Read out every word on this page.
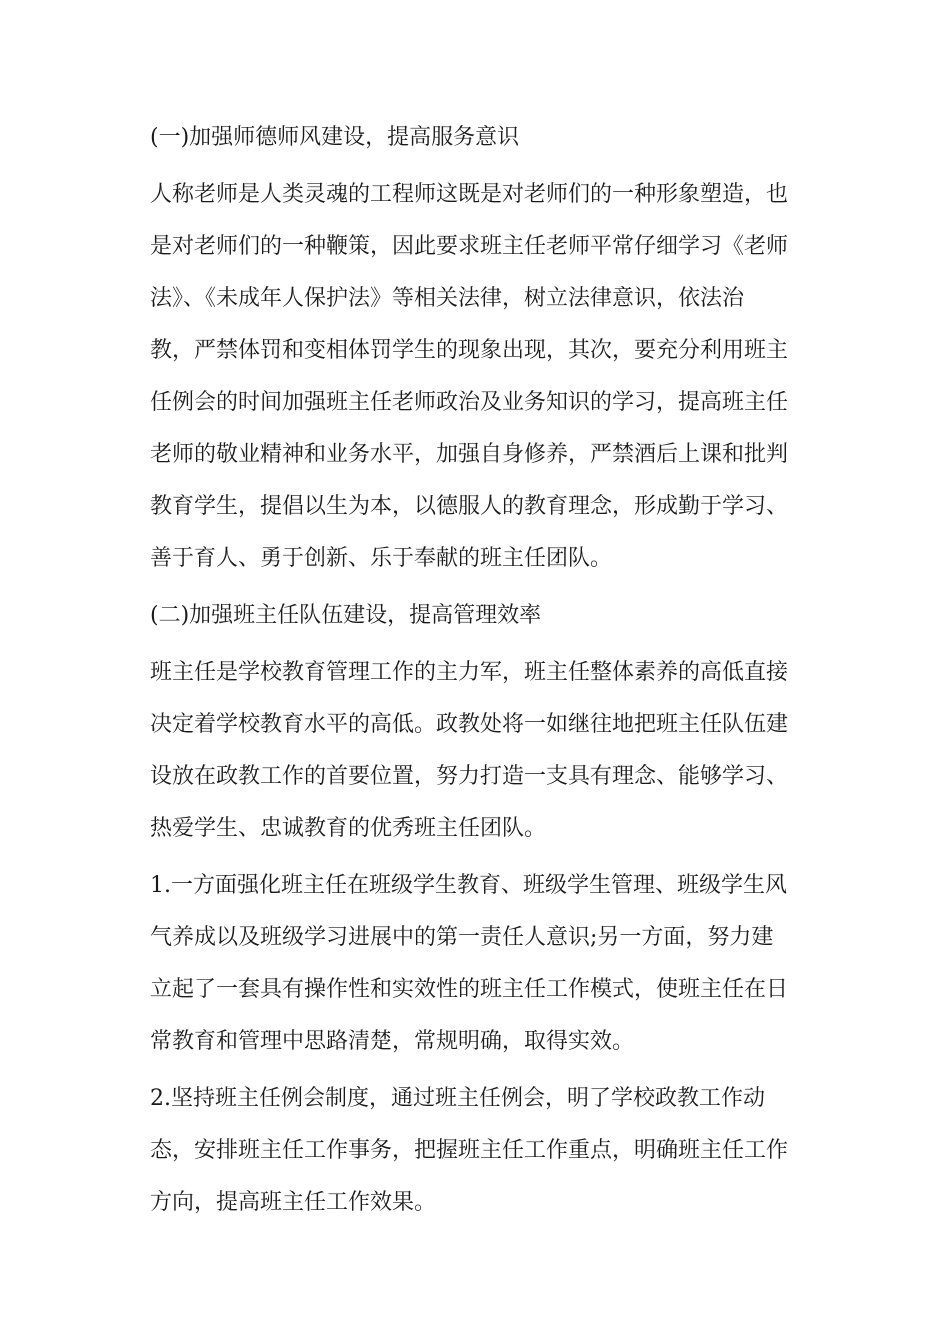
(一)加强师德师风建设，提高服务意识
人称老师是人类灵魂的工程师这既是对老师们的一种形象塑造，也
是对老师们的一种鞭策，因此要求班主任老师平常仔细学习《老师
法》、《未成年人保护法》等相关法律，树立法律意识，依法治
教，严禁体罚和变相体罚学生的现象出现，其次，要充分利用班主
任例会的时间加强班主任老师政治及业务知识的学习，提高班主任
老师的敬业精神和业务水平，加强自身修养，严禁酒后上课和批判
教育学生，提倡以生为本，以德服人的教育理念，形成勤于学习、
善于育人、勇于创新、乐于奉献的班主任团队。
(二)加强班主任队伍建设，提高管理效率
班主任是学校教育管理工作的主力军，班主任整体素养的高低直接
决定着学校教育水平的高低。政教处将一如继往地把班主任队伍建
设放在政教工作的首要位置，努力打造一支具有理念、能够学习、
热爱学生、忠诚教育的优秀班主任团队。
1.一方面强化班主任在班级学生教育、班级学生管理、班级学生风
气养成以及班级学习进展中的第一责任人意识;另一方面，努力建
立起了一套具有操作性和实效性的班主任工作模式，使班主任在日
常教育和管理中思路清楚，常规明确，取得实效。
2.坚持班主任例会制度，通过班主任例会，明了学校政教工作动
态，安排班主任工作事务，把握班主任工作重点，明确班主任工作
方向，提高班主任工作效果。
